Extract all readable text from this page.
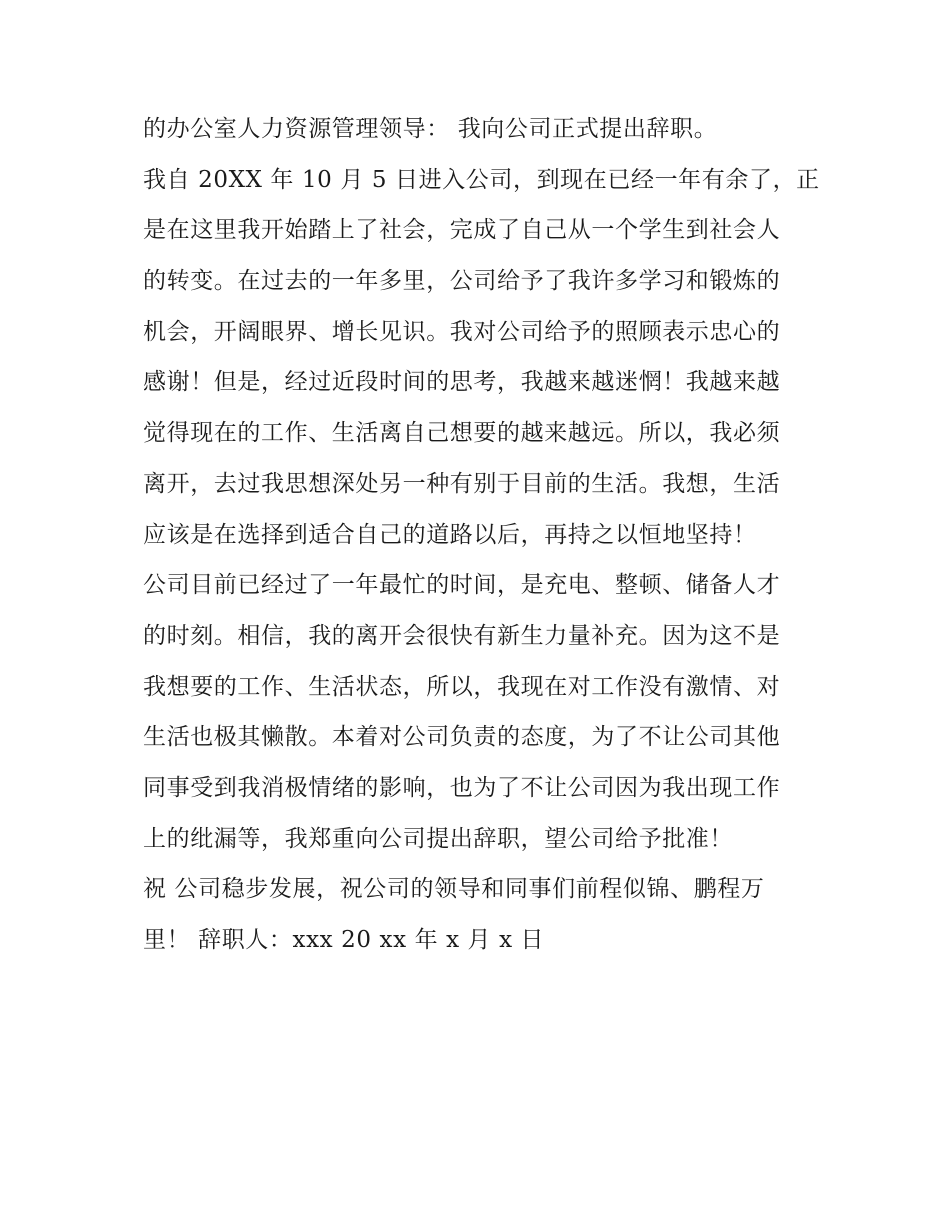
的办公室人力资源管理领导： 我向公司正式提出辞职。
我自 20XX 年 10 月 5 日进入公司，到现在已经一年有余了，正
是在这里我开始踏上了社会，完成了自己从一个学生到社会人
的转变。在过去的一年多里，公司给予了我许多学习和锻炼的
机会，开阔眼界、增长见识。我对公司给予的照顾表示忠心的
感谢！但是，经过近段时间的思考，我越来越迷惘！我越来越
觉得现在的工作、生活离自己想要的越来越远。所以，我必须
离开，去过我思想深处另一种有别于目前的生活。我想，生活
应该是在选择到适合自己的道路以后，再持之以恒地坚持！
公司目前已经过了一年最忙的时间，是充电、整顿、储备人才
的时刻。相信，我的离开会很快有新生力量补充。因为这不是
我想要的工作、生活状态，所以，我现在对工作没有激情、对
生活也极其懒散。本着对公司负责的态度，为了不让公司其他
同事受到我消极情绪的影响，也为了不让公司因为我出现工作
上的纰漏等，我郑重向公司提出辞职，望公司给予批准！
祝 公司稳步发展，祝公司的领导和同事们前程似锦、鹏程万
里！ 辞职人：xxx 20 xx 年 x 月 x 日
